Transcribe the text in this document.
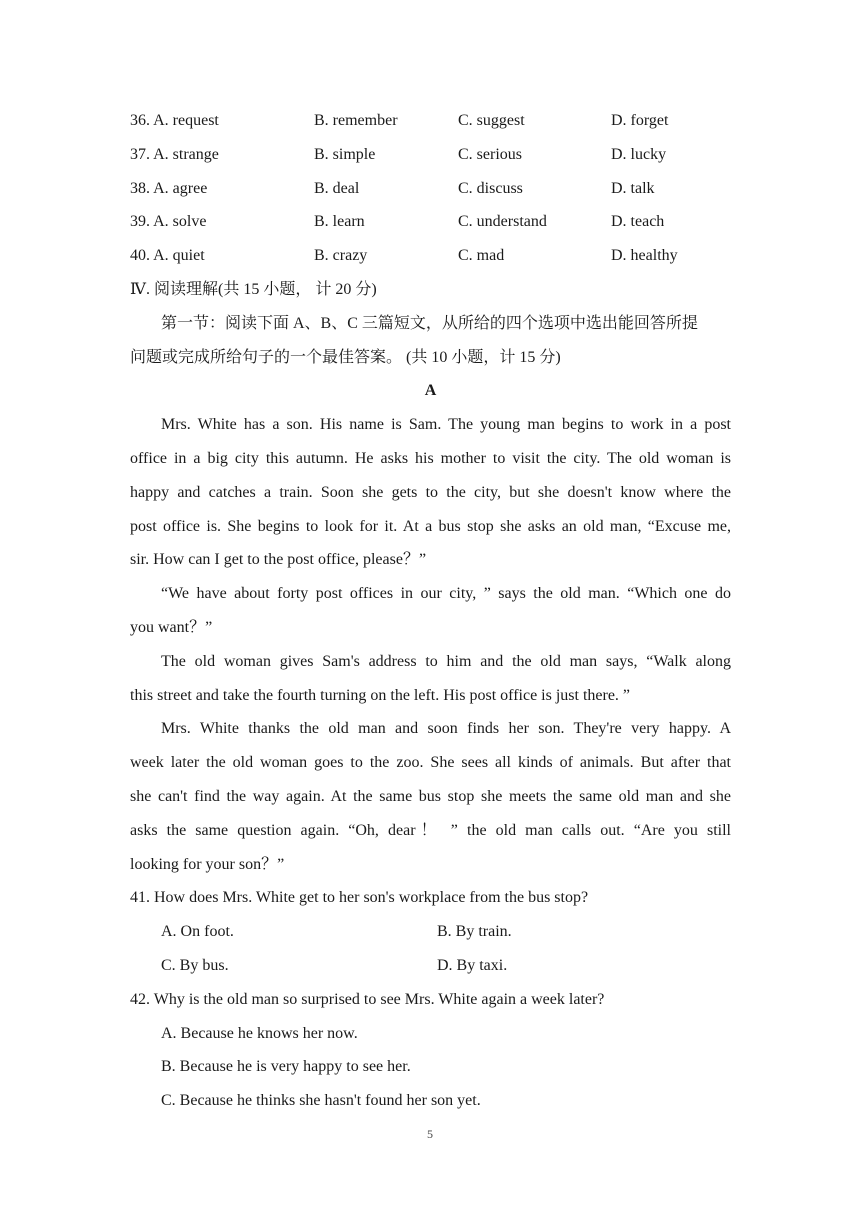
36. A. request	B. remember	C. suggest	D. forget
37. A. strange	B. simple	C. serious	D. lucky
38. A. agree	B. deal	C. discuss	D. talk
39. A. solve	B. learn	C. understand	D. teach
40. A. quiet	B. crazy	C. mad	D. healthy
Ⅳ. 阅读理解(共 15 小题， 计 20 分)
第一节：阅读下面 A、B、C 三篇短文，从所给的四个选项中选出能回答所提
问题或完成所给句子的一个最佳答案。 (共 10 小题，计 15 分)
A
Mrs. White has a son. His name is Sam. The young man begins to work in a post
office in a big city this autumn. He asks his mother to visit the city. The old woman is
happy and catches a train. Soon she gets to the city, but she doesn't know where the
post office is. She begins to look for it. At a bus stop she asks an old man, “Excuse me,
sir. How can I get to the post office, please？”
“We have about forty post offices in our city, ” says the old man. “Which one do
you want？”
The old woman gives Sam's address to him and the old man says, “Walk along
this street and take the fourth turning on the left. His post office is just there. ”
Mrs. White thanks the old man and soon finds her son. They're very happy. A
week later the old woman goes to the zoo. She sees all kinds of animals. But after that
she can't find the way again. At the same bus stop she meets the same old man and she
asks the same question again. “Oh, dear！ ” the old man calls out. “Are you still
looking for your son？”
41. How does Mrs. White get to her son's workplace from the bus stop?
A. On foot.	B. By train.
C. By bus.	D. By taxi.
42. Why is the old man so surprised to see Mrs. White again a week later?
A. Because he knows her now.
B. Because he is very happy to see her.
C. Because he thinks she hasn't found her son yet.
5
